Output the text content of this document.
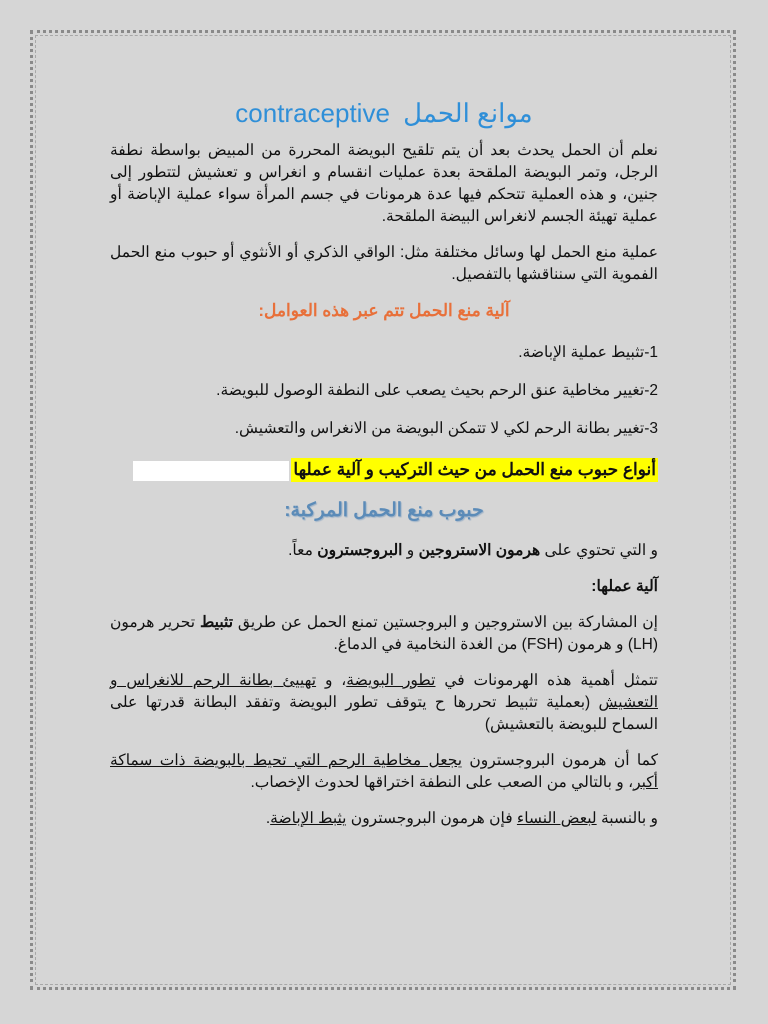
موانع الحمل contraceptive

نعلم أن الحمل يحدث بعد أن يتم تلقيح البويضة المحررة من المبيض بواسطة نطفة الرجل، وتمر البويضة الملقحة بعدة عمليات انقسام و انغراس و تعشيش لتتطور إلى جنين، و هذه العملية تتحكم فيها عدة هرمونات في جسم المرأة سواء عملية الإباضة أو عملية تهيئة الجسم لانغراس البيضة الملقحة.

عملية منع الحمل لها وسائل مختلفة مثل: الواقي الذكري أو الأنثوي أو حبوب منع الحمل الفموية التي سنناقشها بالتفصيل.

آلية منع الحمل تتم عبر هذه العوامل:
1-تثبيط عملية الإباضة.
2-تغيير مخاطية عنق الرحم بحيث يصعب على النطفة الوصول للبويضة.
3-تغيير بطانة الرحم لكي لا تتمكن البويضة من الانغراس والتعشيش.
أنواع حبوب منع الحمل من حيث التركيب و آلية عملها
حبوب منع الحمل المركبة:

و التي تحتوي على هرمون الاستروجين و البروجسترون معاً.

آلية عملها:

إن المشاركة بين الاستروجين و البروجستين تمنع الحمل عن طريق تثبيط تحرير هرمون (LH) و هرمون (FSH) من الغدة النخامية في الدماغ.

تتمثل أهمية هذه الهرمونات في تطور البويضة، و تهييئ بطانة الرحم للانغراس و التعشيش (بعملية تثبيط تحررها ح يتوقف تطور البويضة وتفقد البطانة قدرتها على السماح للبويضة بالتعشيش)

كما أن هرمون البروجسترون يجعل مخاطية الرحم التي تحيط بالبويضة ذات سماكة أكبر، و بالتالي من الصعب على النطفة اختراقها لحدوث الإخصاب.

و بالنسبة لبعض النساء فإن هرمون البروجسترون يثبط الإباضة.
